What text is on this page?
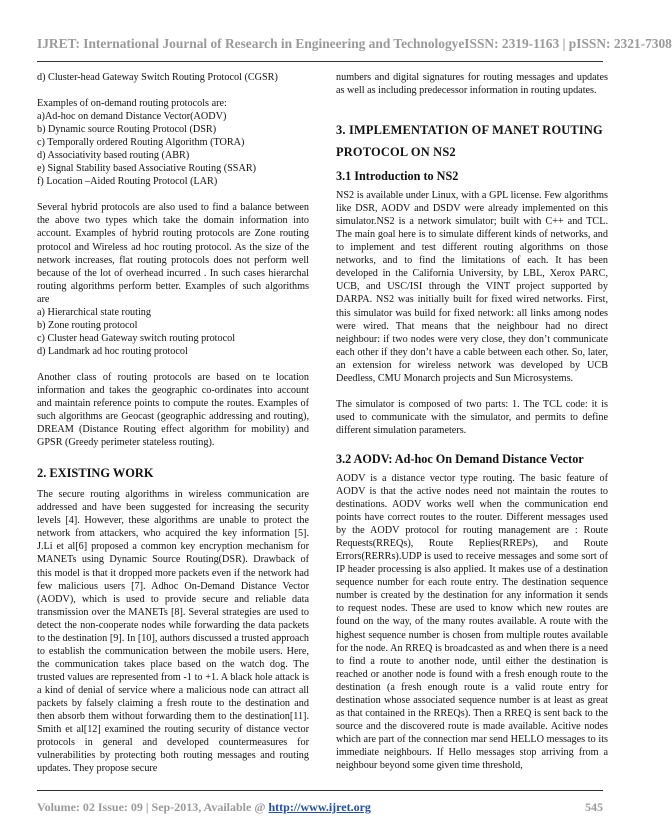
IJRET: International Journal of Research in Engineering and Technology eISSN: 2319-1163 | pISSN: 2321-7308

d) Cluster-head Gateway Switch Routing Protocol (CGSR)

Examples of on-demand routing protocols are:

a)Ad-hoc on demand Distance Vector(AODV)
b) Dynamic source Routing Protocol (DSR)
c) Temporally ordered Routing Algorithm (TORA)
d) Associativity based routing (ABR)
e) Signal Stability based Associative Routing (SSAR)
f) Location –Aided Routing Protocol (LAR)

Several hybrid protocols are also used to find a balance between the above two types which take the domain information into account. Examples of hybrid routing protocols are Zone routing protocol and Wireless ad hoc routing protocol. As the size of the network increases, flat routing protocols does not perform well because of the lot of overhead incurred . In such cases hierarchal routing algorithms perform better. Examples of such algorithms are

a) Hierarchical state routing
b) Zone routing protocol
c) Cluster head Gateway switch routing protocol
d) Landmark ad hoc routing protocol

Another class of routing protocols are based on te location information and takes the geographic co-ordinates into account and maintain reference points to compute the routes. Examples of such algorithms are Geocast (geographic addressing and routing), DREAM (Distance Routing effect algorithm for mobility) and GPSR (Greedy perimeter stateless routing).

2. EXISTING WORK

The secure routing algorithms in wireless communication are addressed and have been suggested for increasing the security levels [4]. However, these algorithms are unable to protect the network from attackers, who acquired the key information [5]. J.Li et al[6] proposed a common key encryption mechanism for MANETs using Dynamic Source Routing(DSR). Drawback of this model is that it dropped more packets even if the network had few malicious users [7]. Adhoc On-Demand Distance Vector (AODV), which is used to provide secure and reliable data transmission over the MANETs [8]. Several strategies are used to detect the non-cooperate nodes while forwarding the data packets to the destination [9]. In [10], authors discussed a trusted approach to establish the communication between the mobile users. Here, the communication takes place based on the watch dog. The trusted values are represented from -1 to +1. A black hole attack is a kind of denial of service where a malicious node can attract all packets by falsely claiming a fresh route to the destination and then absorb them without forwarding them to the destination[11]. Smith et al[12] examined the routing security of distance vector protocols in general and developed countermeasures for vulnerabilities by protecting both routing messages and routing updates. They propose secure

numbers and digital signatures for routing messages and updates as well as including predecessor information in routing updates.

3. IMPLEMENTATION OF MANET ROUTING
PROTOCOL ON NS2
3.1 Introduction to NS2

NS2 is available under Linux, with a GPL license. Few algorithms like DSR, AODV and DSDV were already implemented on this simulator.NS2 is a network simulator; built with C++ and TCL. The main goal here is to simulate different kinds of networks, and to implement and test different routing algorithms on those networks, and to find the limitations of each. It has been developed in the California University, by LBL, Xerox PARC, UCB, and USC/ISI through the VINT project supported by DARPA. NS2 was initially built for fixed wired networks. First, this simulator was build for fixed network: all links among nodes were wired. That means that the neighbour had no direct neighbour: if two nodes were very close, they don’t communicate each other if they don’t have a cable between each other. So, later, an extension for wireless network was developed by UCB Deedless, CMU Monarch projects and Sun Microsystems.

The simulator is composed of two parts: 1. The TCL code: it is used to communicate with the simulator, and permits to define different simulation parameters.

3.2 AODV: Ad-hoc On Demand Distance Vector

AODV is a distance vector type routing. The basic feature of AODV is that the active nodes need not maintain the routes to destinations. AODV works well when the communication end points have correct routes to the router. Different messages used by the AODV protocol for routing management are : Route Requests(RREQs), Route Replies(RREPs), and Route Errors(RERRs).UDP is used to receive messages and some sort of IP header processing is also applied. It makes use of a destination sequence number for each route entry. The destination sequence number is created by the destination for any information it sends to request nodes. These are used to know which new routes are found on the way, of the many routes available. A route with the highest sequence number is chosen from multiple routes available for the node. An RREQ is broadcasted as and when there is a need to find a route to another node, until either the destination is reached or another node is found with a fresh enough route to the destination (a fresh enough route is a valid route entry for destination whose associated sequence number is at least as great as that contained in the RREQs). Then a RREQ is sent back to the source and the discovered route is made available. Acitive nodes which are part of the connection mar send HELLO messages to its immediate neighbours. If Hello messages stop arriving from a neighbour beyond some given time threshold,

Volume: 02 Issue: 09 | Sep-2013, Available @ http://www.ijret.org	545
